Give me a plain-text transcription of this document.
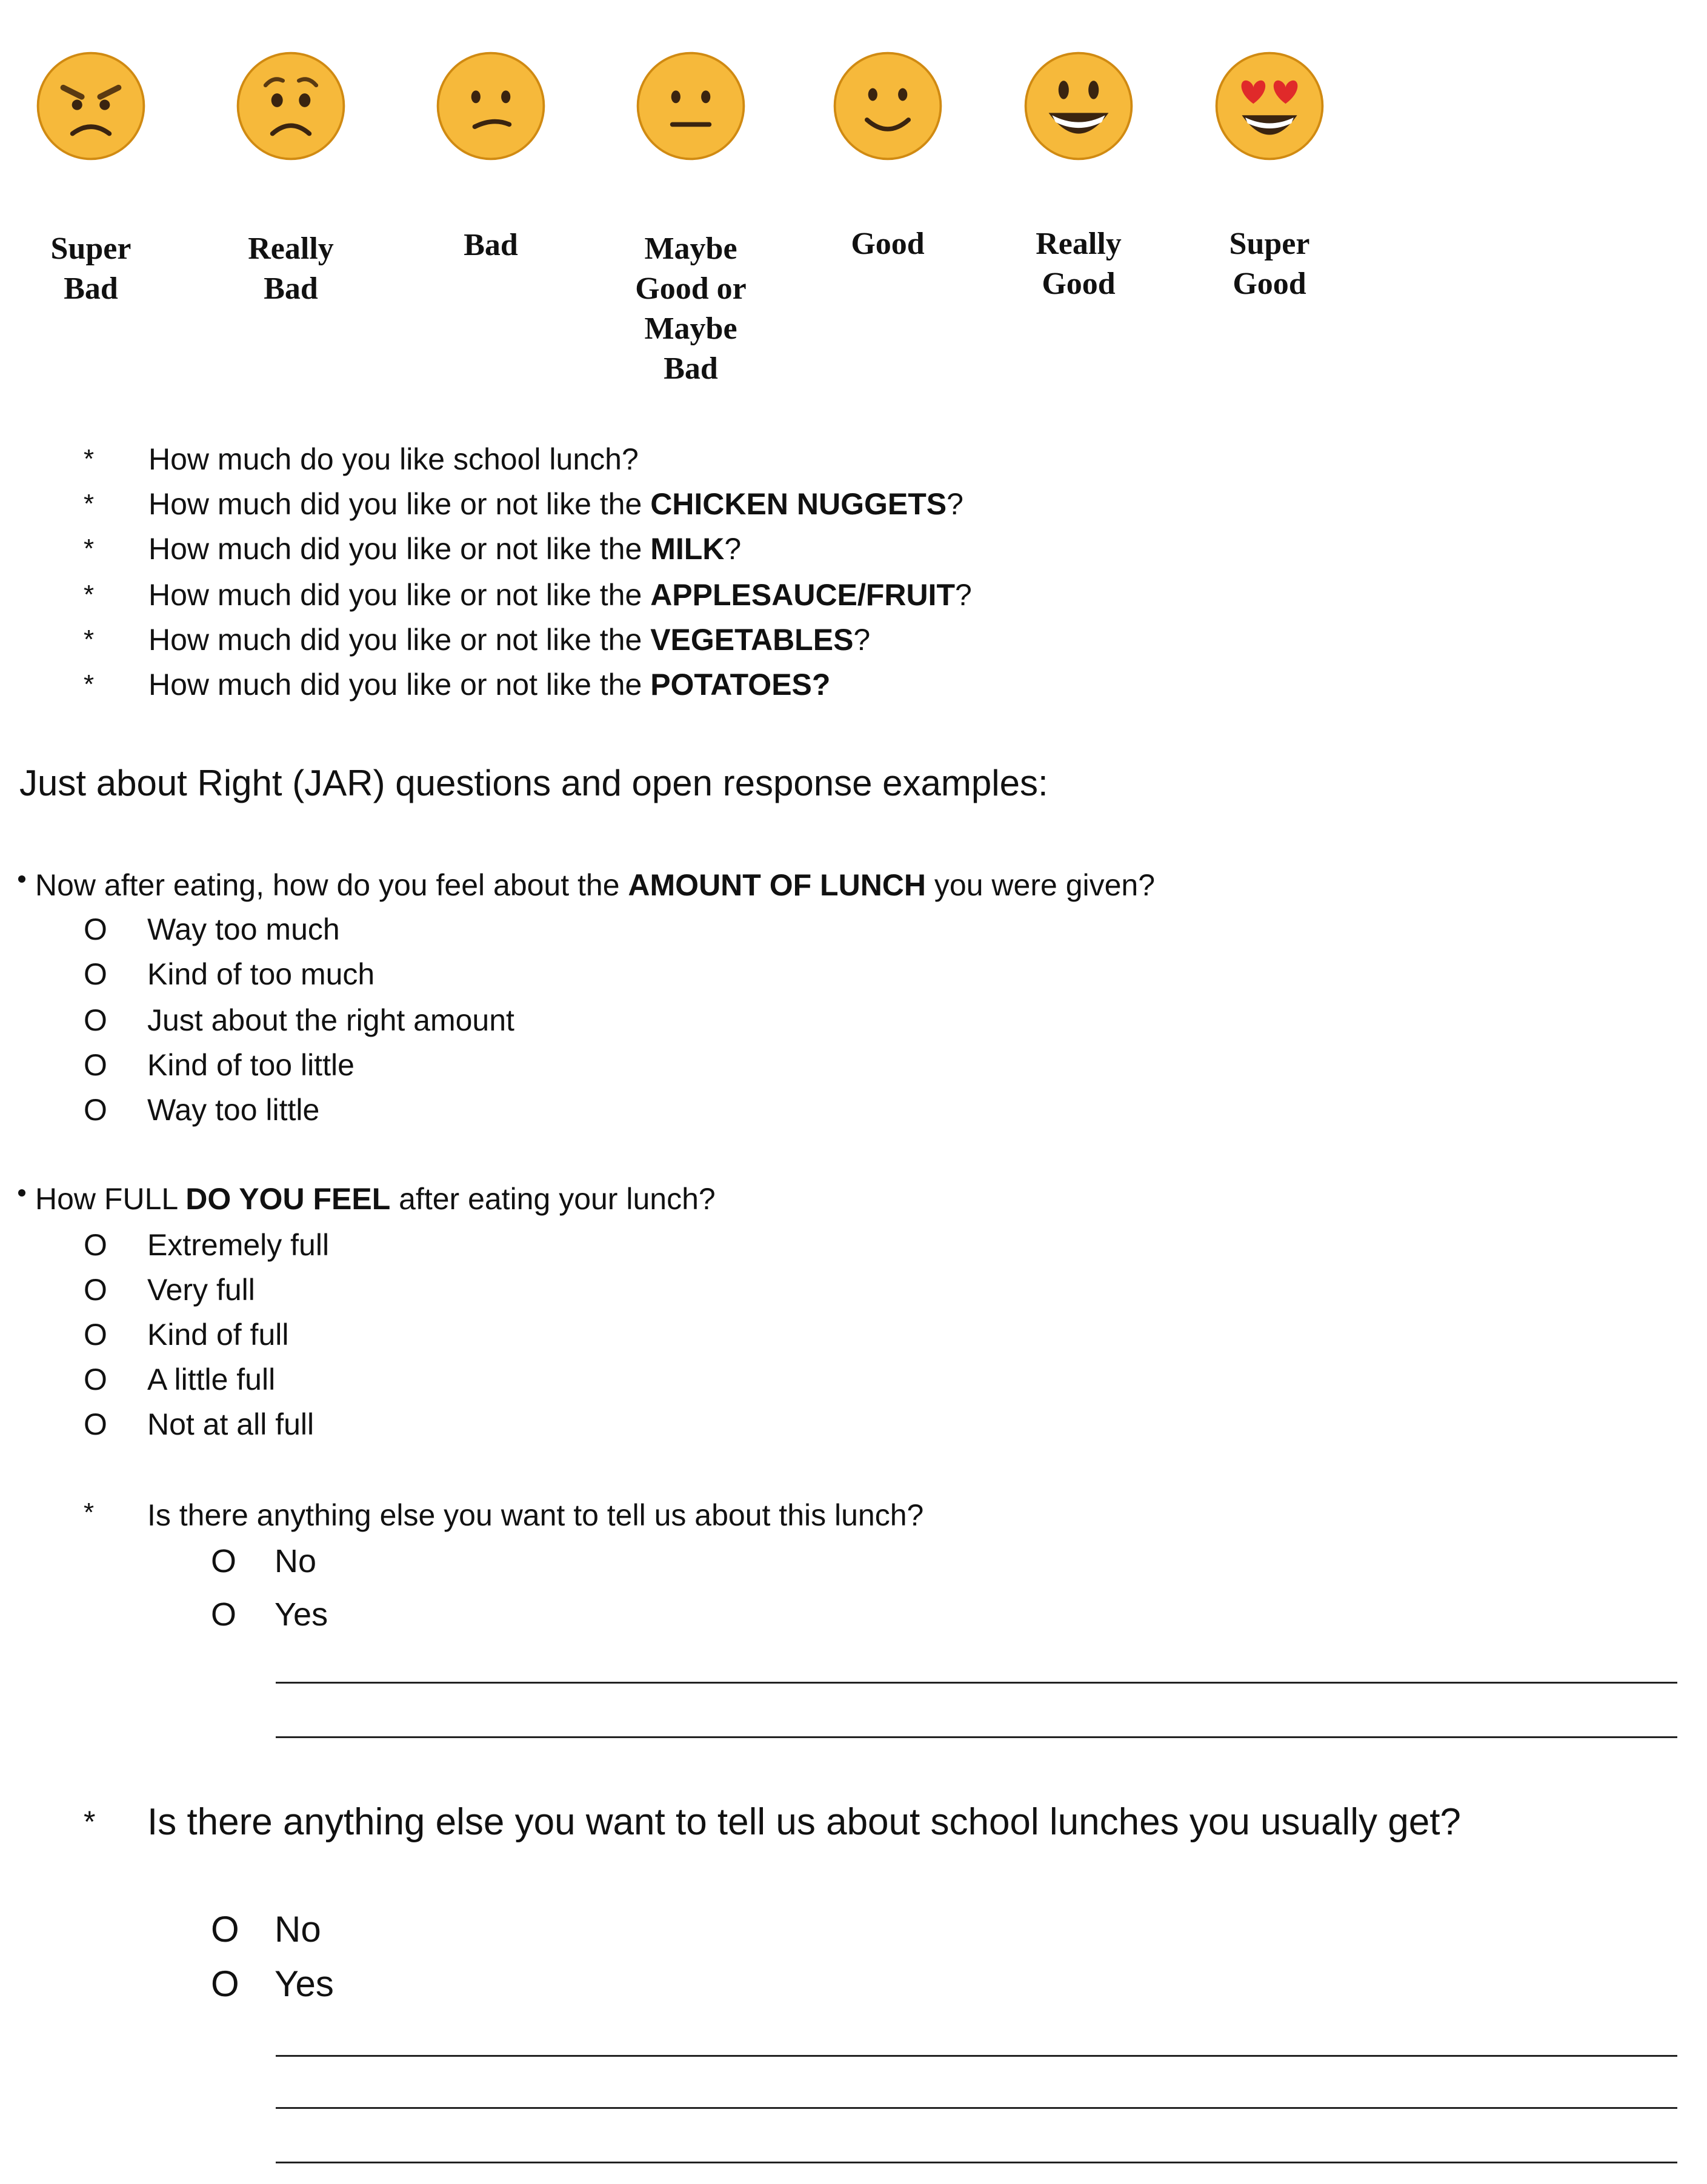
Super
Bad
Really
Bad
Bad	Maybe
Good or
Maybe
Bad
Good	Really
Good
Super
Good
* How much do you like school lunch?
* How much did you like or not like the CHICKEN NUGGETS?
* How much did you like or not like the MILK?
* How much did you like or not like the APPLESAUCE/FRUIT?
* How much did you like or not like the VEGETABLES?
* How much did you like or not like the POTATOES?
Just about Right (JAR) questions and open response examples:
Now after eating, how do you feel about the AMOUNT OF LUNCH you were given?
O Way too much
O Kind of too much
O Just about the right amount
O Kind of too little
O Way too little
How FULL DO YOU FEEL after eating your lunch?
O Extremely full
O Very full
O Kind of full
O A little full
O Not at all full
* Is there anything else you want to tell us about this lunch?
O No
O Yes
* Is there anything else you want to tell us about school lunches you usually get?
O No
O Yes
